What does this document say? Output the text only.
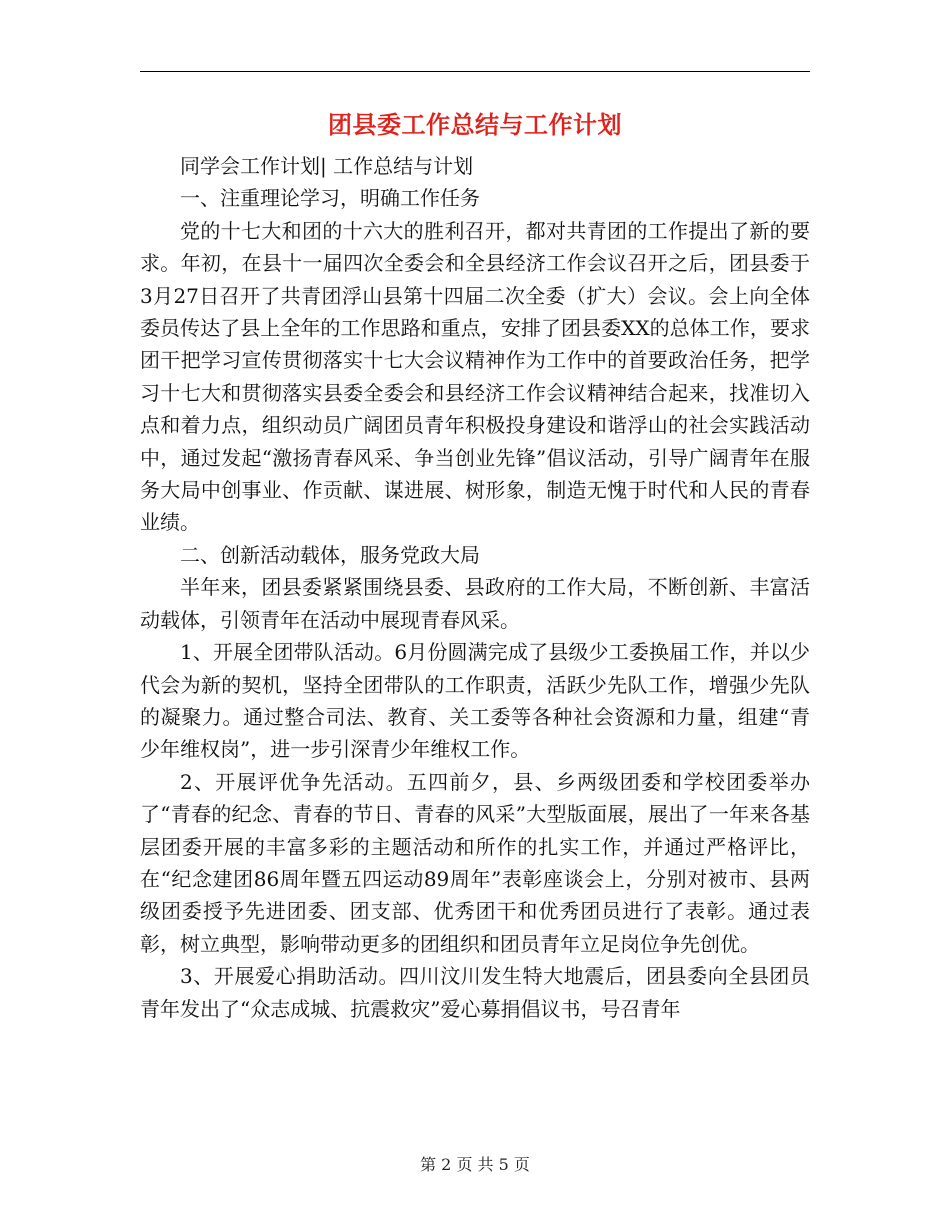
团县委工作总结与工作计划

同学会工作计划| 工作总结与计划

一、注重理论学习，明确工作任务

党的十七大和团的十六大的胜利召开，都对共青团的工作提出了新的要求。年初，在县十一届四次全委会和全县经济工作会议召开之后，团县委于3月27日召开了共青团浮山县第十四届二次全委（扩大）会议。会上向全体委员传达了县上全年的工作思路和重点，安排了团县委XX的总体工作，要求团干把学习宣传贯彻落实十七大会议精神作为工作中的首要政治任务，把学习十七大和贯彻落实县委全委会和县经济工作会议精神结合起来，找准切入点和着力点，组织动员广阔团员青年积极投身建设和谐浮山的社会实践活动中，通过发起“激扬青春风采、争当创业先锋”倡议活动，引导广阔青年在服务大局中创事业、作贡献、谋进展、树形象，制造无愧于时代和人民的青春业绩。

二、创新活动载体，服务党政大局

半年来，团县委紧紧围绕县委、县政府的工作大局，不断创新、丰富活动载体，引领青年在活动中展现青春风采。

1、开展全团带队活动。6月份圆满完成了县级少工委换届工作，并以少代会为新的契机，坚持全团带队的工作职责，活跃少先队工作，增强少先队的凝聚力。通过整合司法、教育、关工委等各种社会资源和力量，组建“青少年维权岗”，进一步引深青少年维权工作。

2、开展评优争先活动。五四前夕，县、乡两级团委和学校团委举办了“青春的纪念、青春的节日、青春的风采”大型版面展，展出了一年来各基层团委开展的丰富多彩的主题活动和所作的扎实工作，并通过严格评比，在“纪念建团86周年暨五四运动89周年”表彰座谈会上，分别对被市、县两级团委授予先进团委、团支部、优秀团干和优秀团员进行了表彰。通过表彰，树立典型，影响带动更多的团组织和团员青年立足岗位争先创优。

3、开展爱心捐助活动。四川汶川发生特大地震后，团县委向全县团员青年发出了“众志成城、抗震救灾”爱心募捐倡议书，号召青年

第 2 页 共 5 页
